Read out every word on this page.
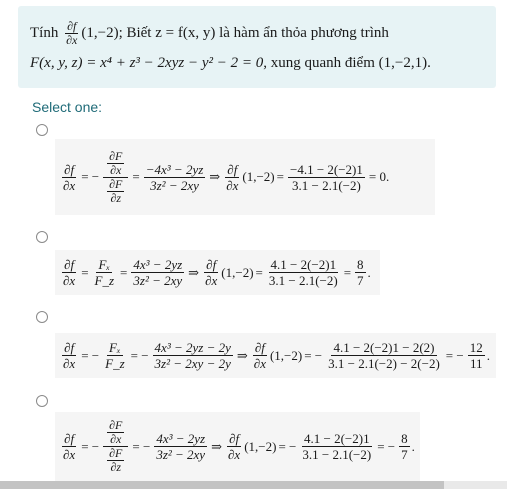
Tính $\frac{\partial f}{\partial x} (1,-2)$; Biết z = f(x, y) là hàm ẩn thỏa phương trình
F(x, y, z) = x⁴ + z³ − 2xyz − y² − 2 = 0, xung quanh điểm (1,−2,1).
Select one:
$\frac{\partial f}{\partial x}$ = − $\frac{\frac{\partial F}{\partial x}}{\frac{\partial F}{\partial z}} = \frac{\text{−4x³ − 2yz}}{\text{3z² − 2xy}}$ ⇒ $\frac{\partial f}{\partial x} (1,-2) = \frac{-4.1 - 2(-2)1}{3.1 - 2.1(-2)} = 0$.
$\frac{\partial f}{\partial x} = \frac{\text{Fₓ}}{F\_z} = \frac{\text{4x³ − 2yz}}{\text{3z² − 2xy}}$ ⇒ $\frac{\partial f}{\partial x} (1,-2) = \frac{4.1 - 2(-2)1}{3.1 - 2.1(-2)} = \frac{8}{7}$ .
$\frac{\partial f}{\partial x}$ = − $\frac{\text{Fₓ}}{F\_z}$ = − $\frac{\text{4x³ − 2yz − 2y}}{\text{3z² − 2xy − 2y}}$ ⇒ $\frac{\partial f}{\partial x} (1,-2)$ = − $\frac{4.1 - 2(-2)1 - 2(2)}{3.1 - 2.1(-2) - 2(-2)}$ = − $\frac{12}{11}$ .
$\frac{\partial f}{\partial x}$ = − $\frac{\frac{\partial F}{\partial x}}{\frac{\partial F}{\partial z}}$ = − $\frac{\text{4x³ − 2yz}}{\text{3z² − 2xy}}$ ⇒ $\frac{\partial f}{\partial x} (1,-2)$ = − $\frac{4.1 - 2(-2)1}{3.1 - 2.1(-2)}$ = − $\frac{8}{7}$ .
